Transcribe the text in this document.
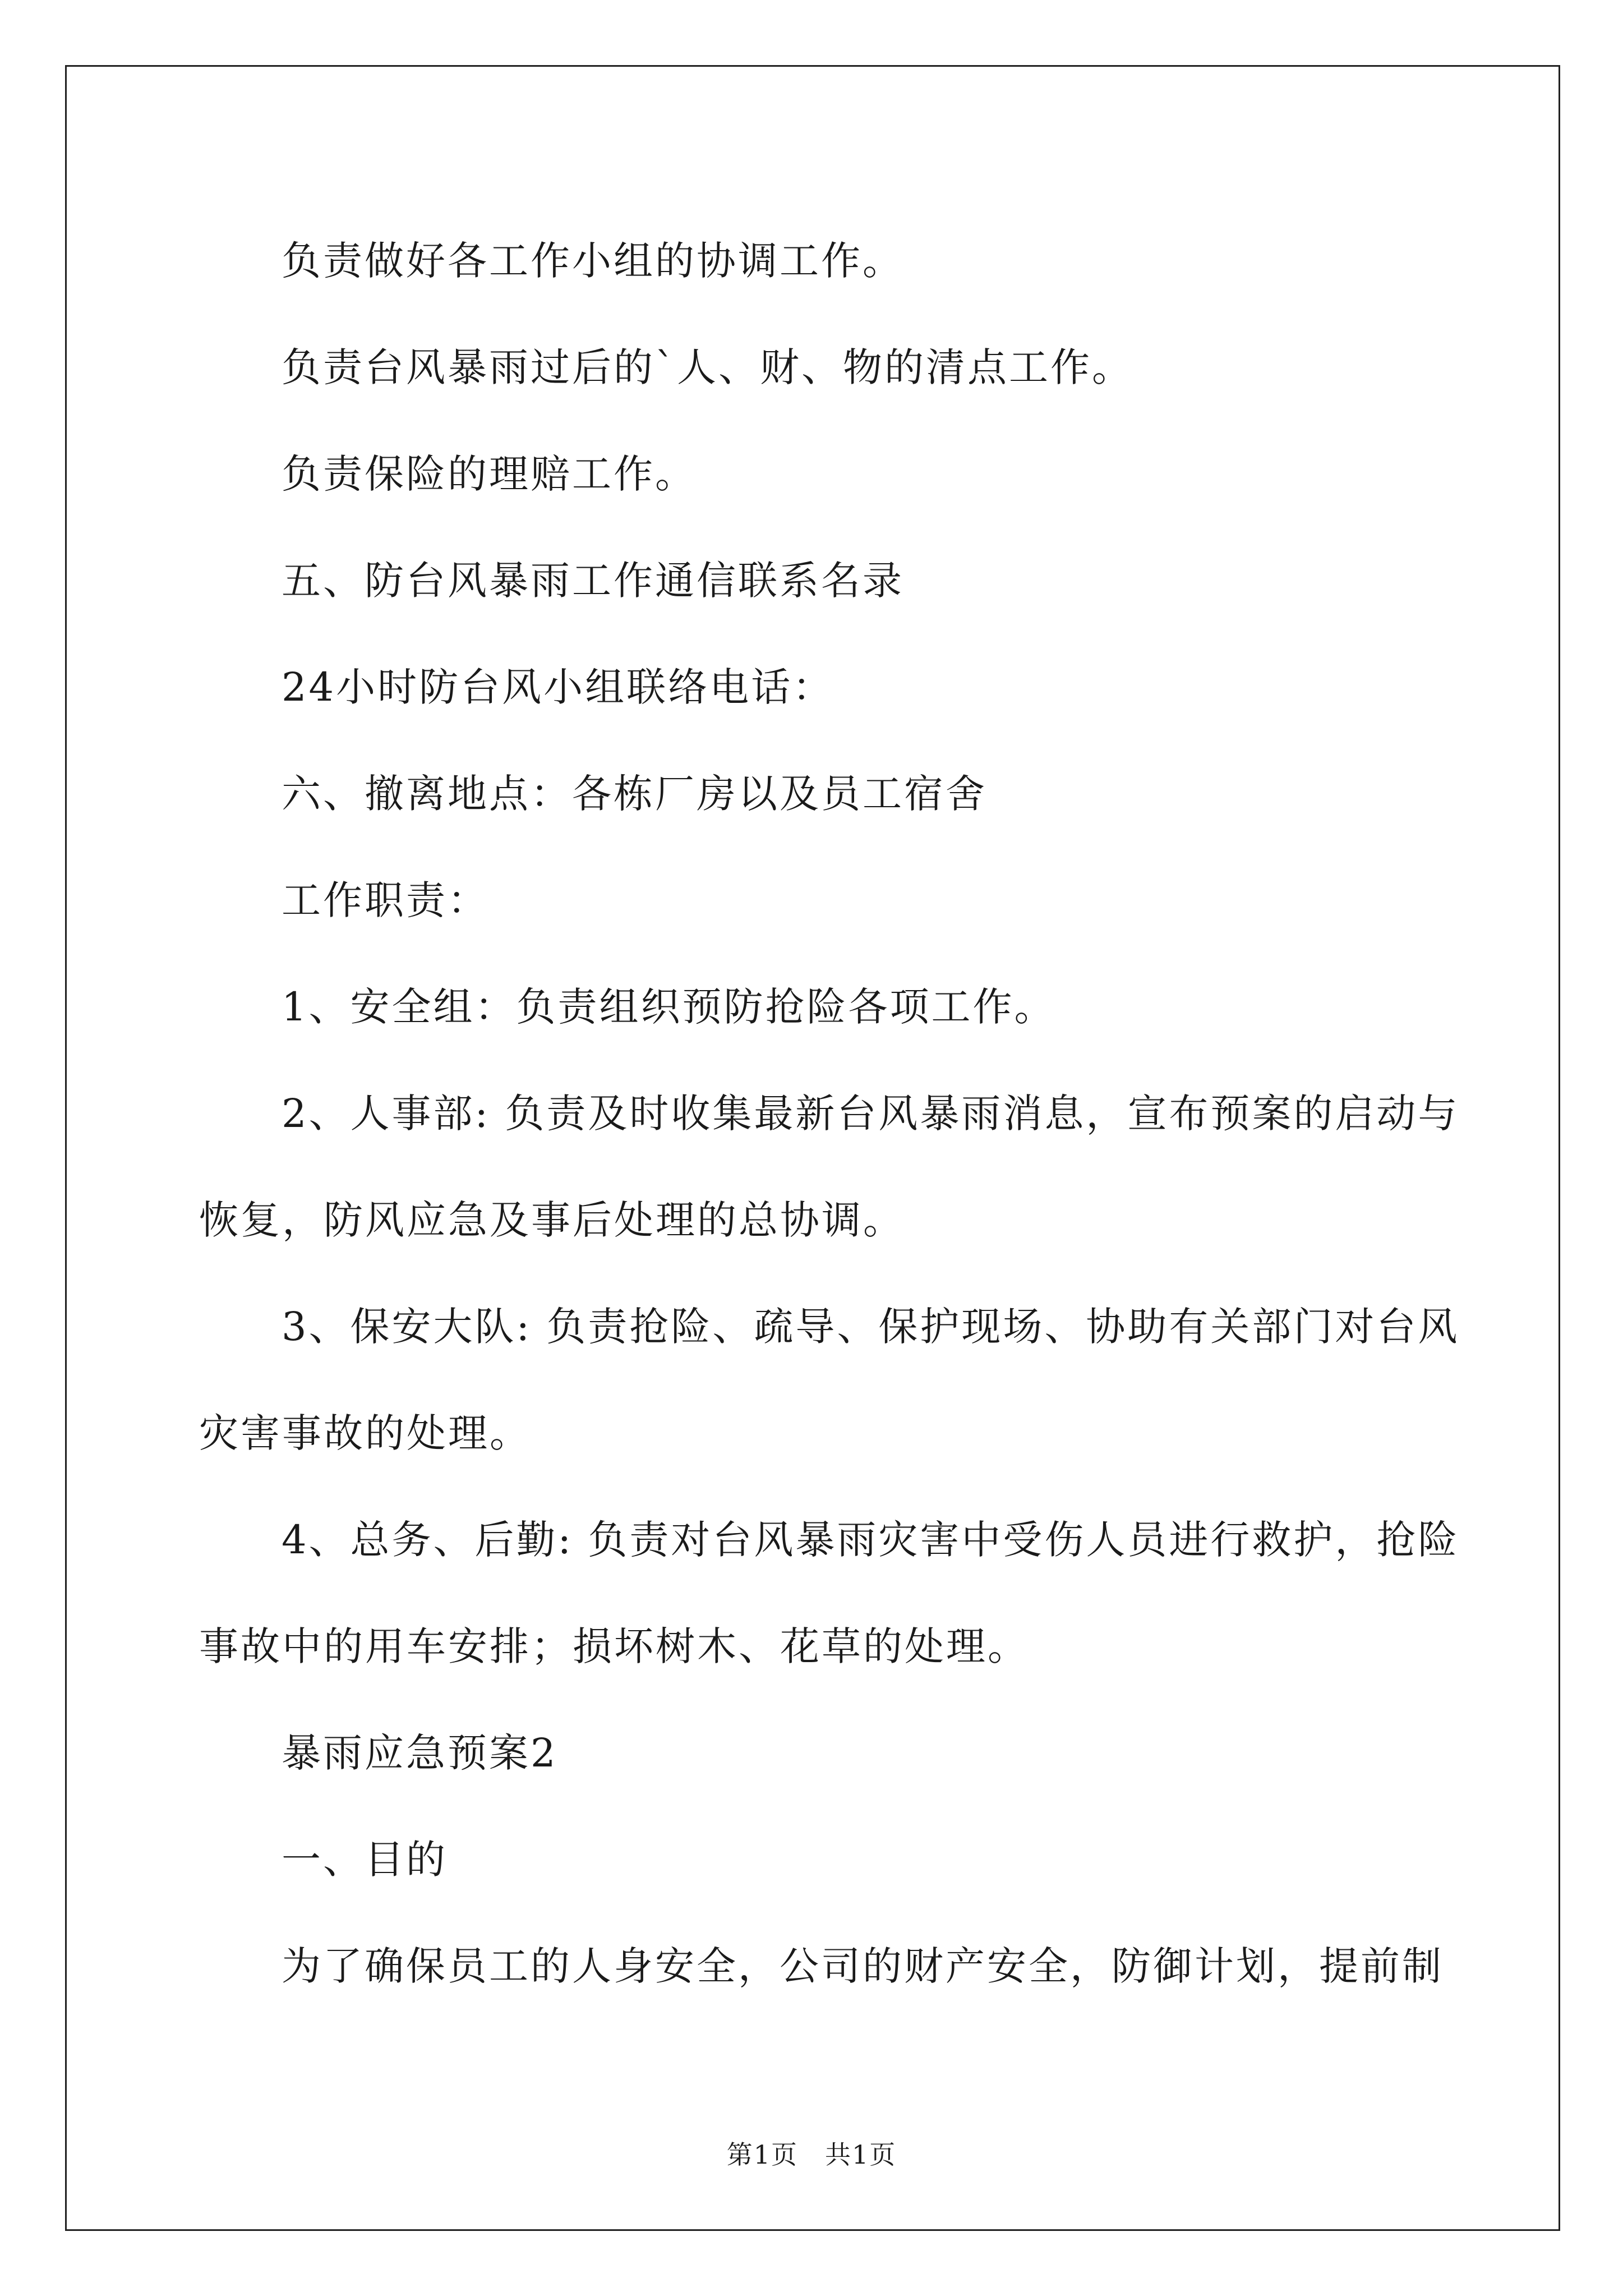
负责做好各工作小组的协调工作。

负责台风暴雨过后的`人、财、物的清点工作。

负责保险的理赔工作。

五、防台风暴雨工作通信联系名录

24小时防台风小组联络电话：

六、撤离地点：各栋厂房以及员工宿舍

工作职责：

1、安全组：负责组织预防抢险各项工作。

2、人事部: 负责及时收集最新台风暴雨消息，宣布预案的启动与

恢复，防风应急及事后处理的总协调。

3、保安大队: 负责抢险、疏导、保护现场、协助有关部门对台风

灾害事故的处理。

4、总务、后勤: 负责对台风暴雨灾害中受伤人员进行救护，抢险

事故中的用车安排；损坏树木、花草的处理。

暴雨应急预案2

一、目的

为了确保员工的人身安全，公司的财产安全，防御计划，提前制

第1页　共1页
